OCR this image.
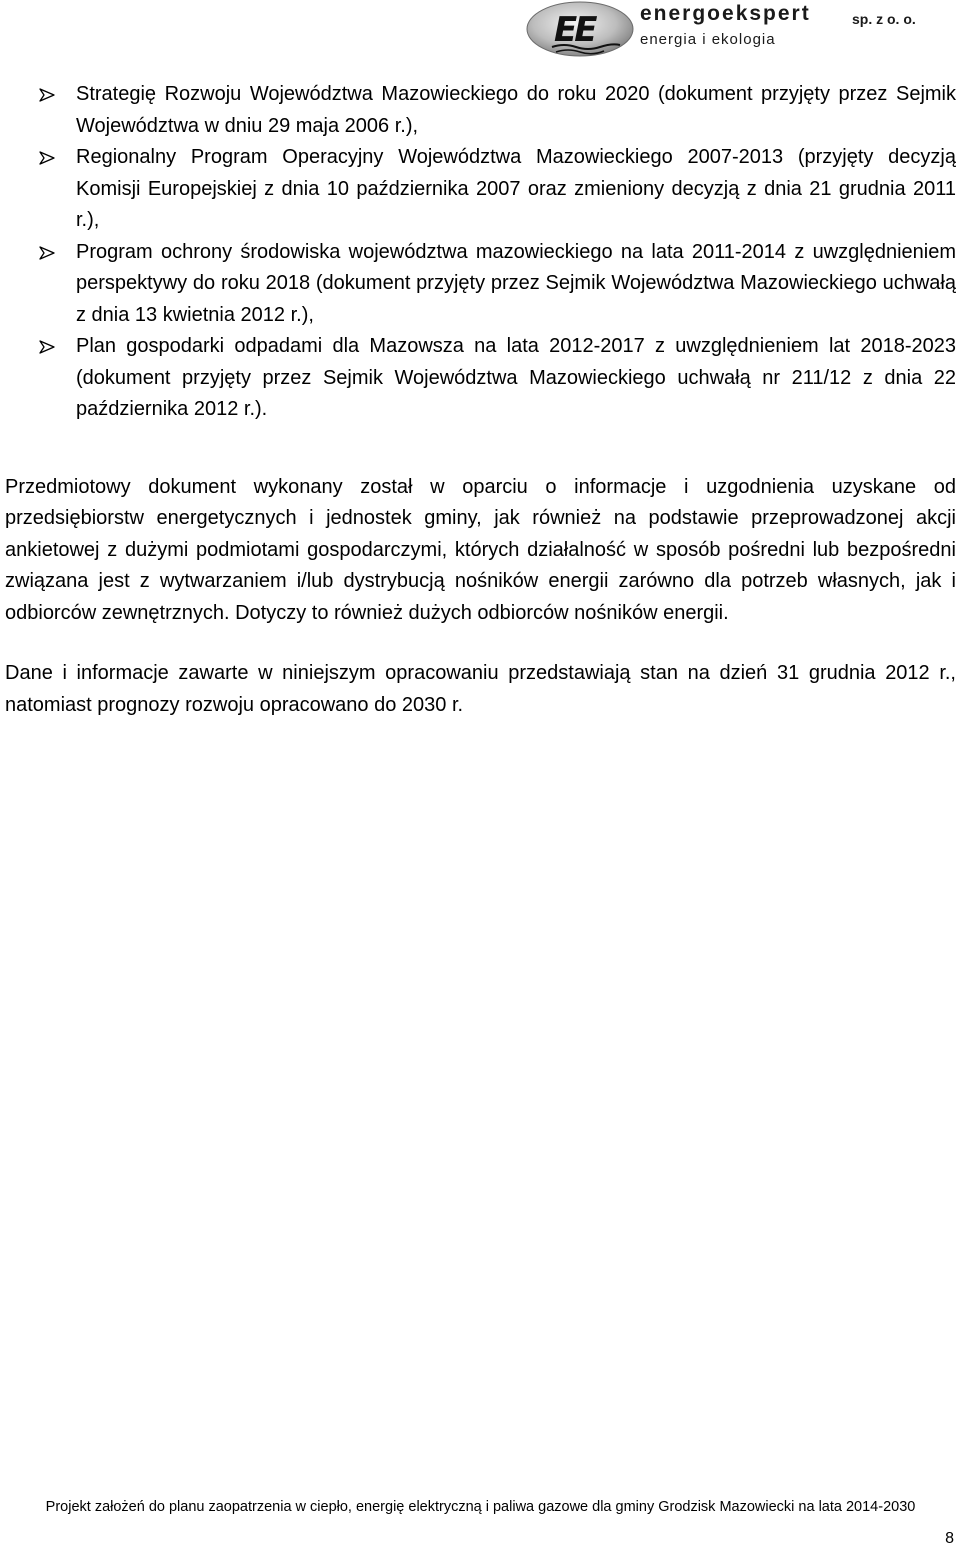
EE energoekspert
energia i ekologia
sp. z o. o.
Strategię Rozwoju Województwa Mazowieckiego do roku 2020 (dokument przyjęty przez Sejmik Województwa w dniu 29 maja 2006 r.),
Regionalny Program Operacyjny Województwa Mazowieckiego 2007-2013 (przyjęty decyzją Komisji Europejskiej z dnia 10 października 2007 oraz zmieniony decyzją z dnia 21 grudnia 2011 r.),
Program ochrony środowiska województwa mazowieckiego na lata 2011-2014 z uwzględnieniem perspektywy do roku 2018 (dokument przyjęty przez Sejmik Województwa Mazowieckiego uchwałą z dnia 13 kwietnia 2012 r.),
Plan gospodarki odpadami dla Mazowsza na lata 2012-2017 z uwzględnieniem lat 2018-2023 (dokument przyjęty przez Sejmik Województwa Mazowieckiego uchwałą nr 211/12 z dnia 22 października 2012 r.).

Przedmiotowy dokument wykonany został w oparciu o informacje i uzgodnienia uzyskane od przedsiębiorstw energetycznych i jednostek gminy, jak również na podstawie przeprowadzonej akcji ankietowej z dużymi podmiotami gospodarczymi, których działalność w sposób pośredni lub bezpośredni związana jest z wytwarzaniem i/lub dystrybucją nośników energii zarówno dla potrzeb własnych, jak i odbiorców zewnętrznych. Dotyczy to również dużych odbiorców nośników energii.

Dane i informacje zawarte w niniejszym opracowaniu przedstawiają stan na dzień 31 grudnia 2012 r., natomiast prognozy rozwoju opracowano do 2030 r.

Projekt założeń do planu zaopatrzenia w ciepło, energię elektryczną i paliwa gazowe dla gminy Grodzisk Mazowiecki na lata 2014-2030
8
